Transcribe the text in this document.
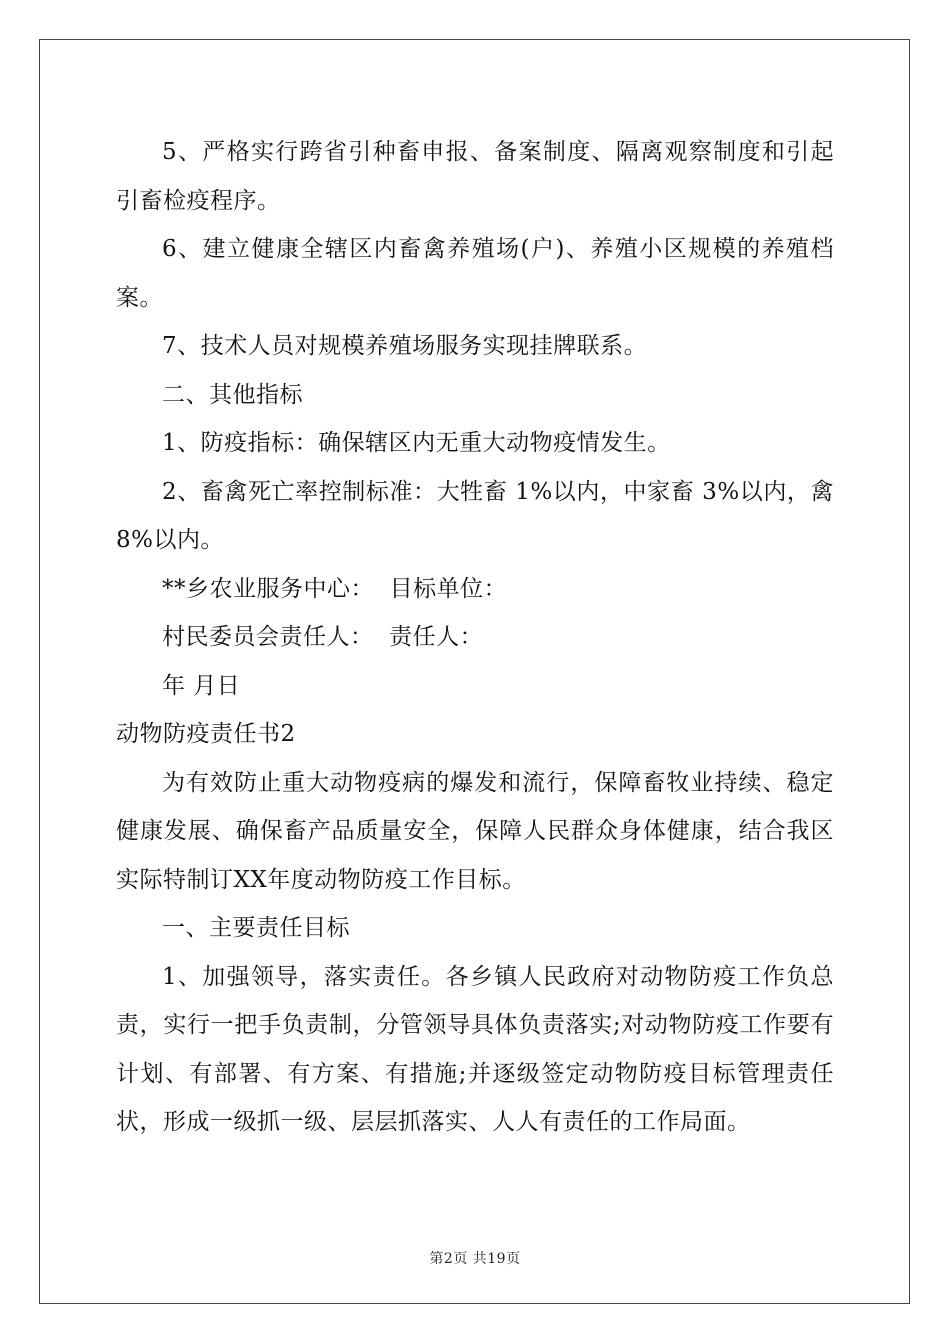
5、严格实行跨省引种畜申报、备案制度、隔离观察制度和引起引畜检疫程序。

6、建立健康全辖区内畜禽养殖场(户)、养殖小区规模的养殖档案。

7、技术人员对规模养殖场服务实现挂牌联系。

二、其他指标

1、防疫指标：确保辖区内无重大动物疫情发生。

2、畜禽死亡率控制标准：大牲畜 1%以内，中家畜 3%以内，禽 8%以内。

**乡农业服务中心：  目标单位：

村民委员会责任人：  责任人：

年 月日

动物防疫责任书2

为有效防止重大动物疫病的爆发和流行，保障畜牧业持续、稳定健康发展、确保畜产品质量安全，保障人民群众身体健康，结合我区实际特制订XX年度动物防疫工作目标。

一、主要责任目标

1、加强领导，落实责任。各乡镇人民政府对动物防疫工作负总责，实行一把手负责制，分管领导具体负责落实;对动物防疫工作要有计划、有部署、有方案、有措施;并逐级签定动物防疫目标管理责任状，形成一级抓一级、层层抓落实、人人有责任的工作局面。

第2页 共19页
